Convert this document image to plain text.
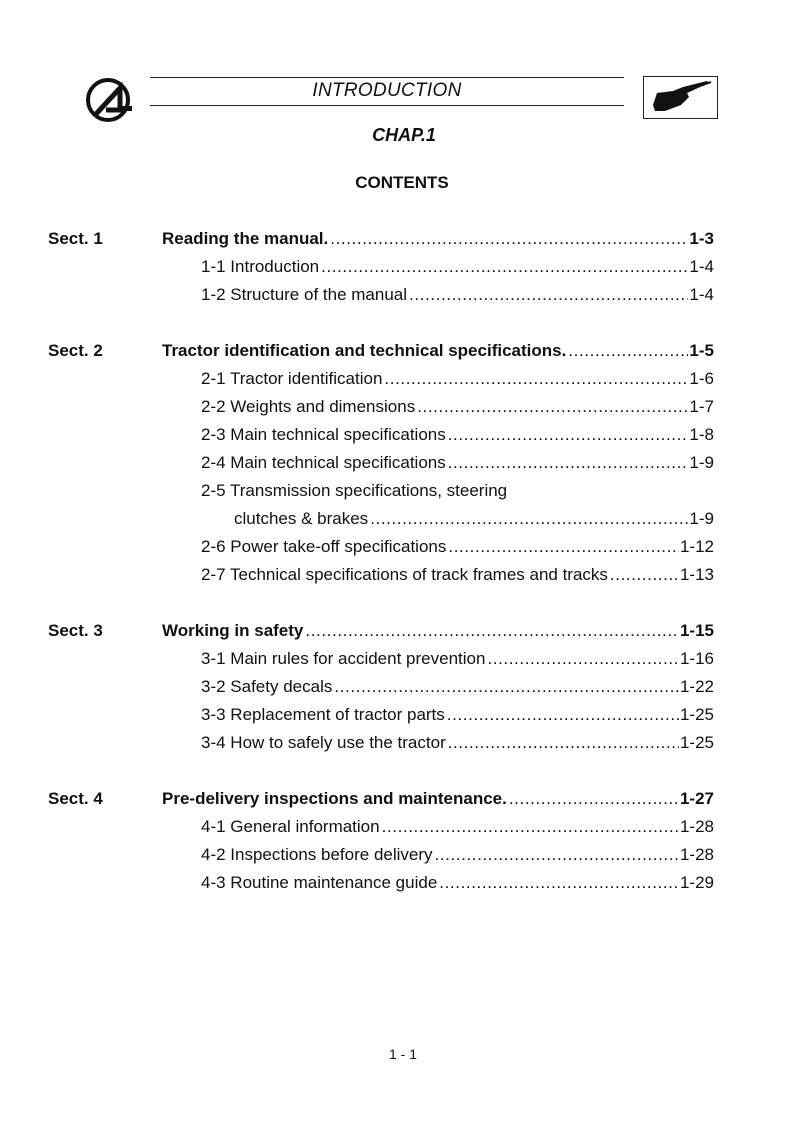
INTRODUCTION
CHAP.1
CONTENTS
Sect. 1	Reading the manual. .....	1-3
1-1 Introduction .....	1-4
1-2 Structure of the manual .....	1-4
Sect. 2	Tractor identification and technical specifications. .....	1-5
2-1 Tractor identification .....	1-6
2-2 Weights and dimensions .....	1-7
2-3 Main technical specifications .....	1-8
2-4 Main technical specifications .....	1-9
2-5 Transmission specifications, steering
clutches & brakes .....	1-9
2-6 Power take-off specifications .....	1-12
2-7 Technical specifications of track frames and tracks .....	1-13
Sect. 3	Working in safety .....	1-15
3-1 Main rules for accident prevention .....	1-16
3-2 Safety decals .....	1-22
3-3 Replacement of tractor parts .....	1-25
3-4 How to safely use the tractor .....	1-25
Sect. 4	Pre-delivery inspections and maintenance. .....	1-27
4-1 General information .....	1-28
4-2 Inspections before delivery .....	1-28
4-3 Routine maintenance guide .....	1-29
1 - 1
